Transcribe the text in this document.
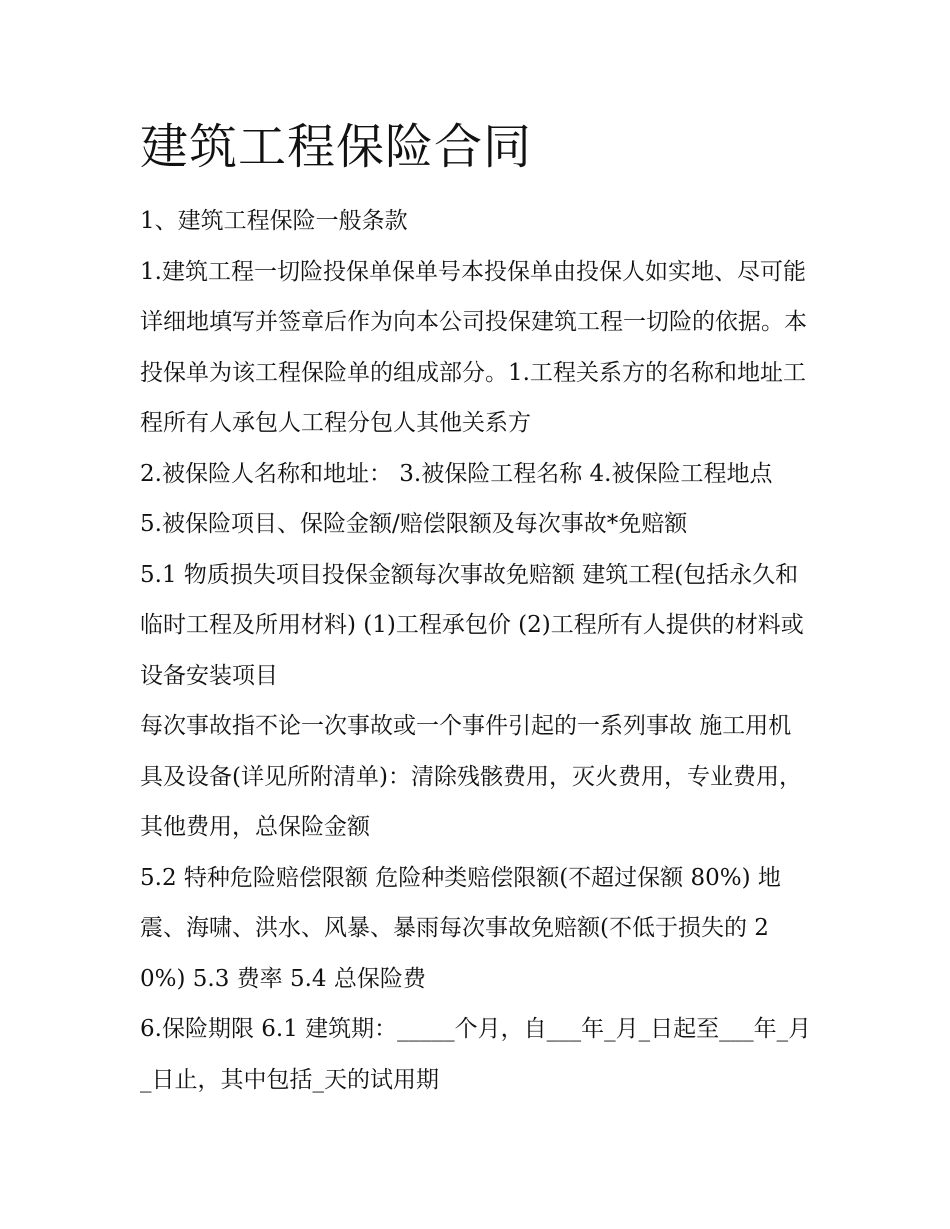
建筑工程保险合同

1、建筑工程保险一般条款

1.建筑工程一切险投保单保单号本投保单由投保人如实地、尽可能详细地填写并签章后作为向本公司投保建筑工程一切险的依据。本投保单为该工程保险单的组成部分。1.工程关系方的名称和地址工程所有人承包人工程分包人其他关系方

2.被保险人名称和地址： 3.被保险工程名称 4.被保险工程地点

5.被保险项目、保险金额/赔偿限额及每次事故*免赔额

5.1 物质损失项目投保金额每次事故免赔额 建筑工程(包括永久和临时工程及所用材料) (1)工程承包价 (2)工程所有人提供的材料或设备安装项目

每次事故指不论一次事故或一个事件引起的一系列事故 施工用机具及设备(详见所附清单)：清除残骸费用，灭火费用，专业费用，其他费用，总保险金额

5.2 特种危险赔偿限额 危险种类赔偿限额(不超过保额 80%) 地震、海啸、洪水、风暴、暴雨每次事故免赔额(不低于损失的 20%) 5.3 费率 5.4 总保险费

6.保险期限 6.1 建筑期：_____个月，自___年_月_日起至___年_月_日止，其中包括_天的试用期
